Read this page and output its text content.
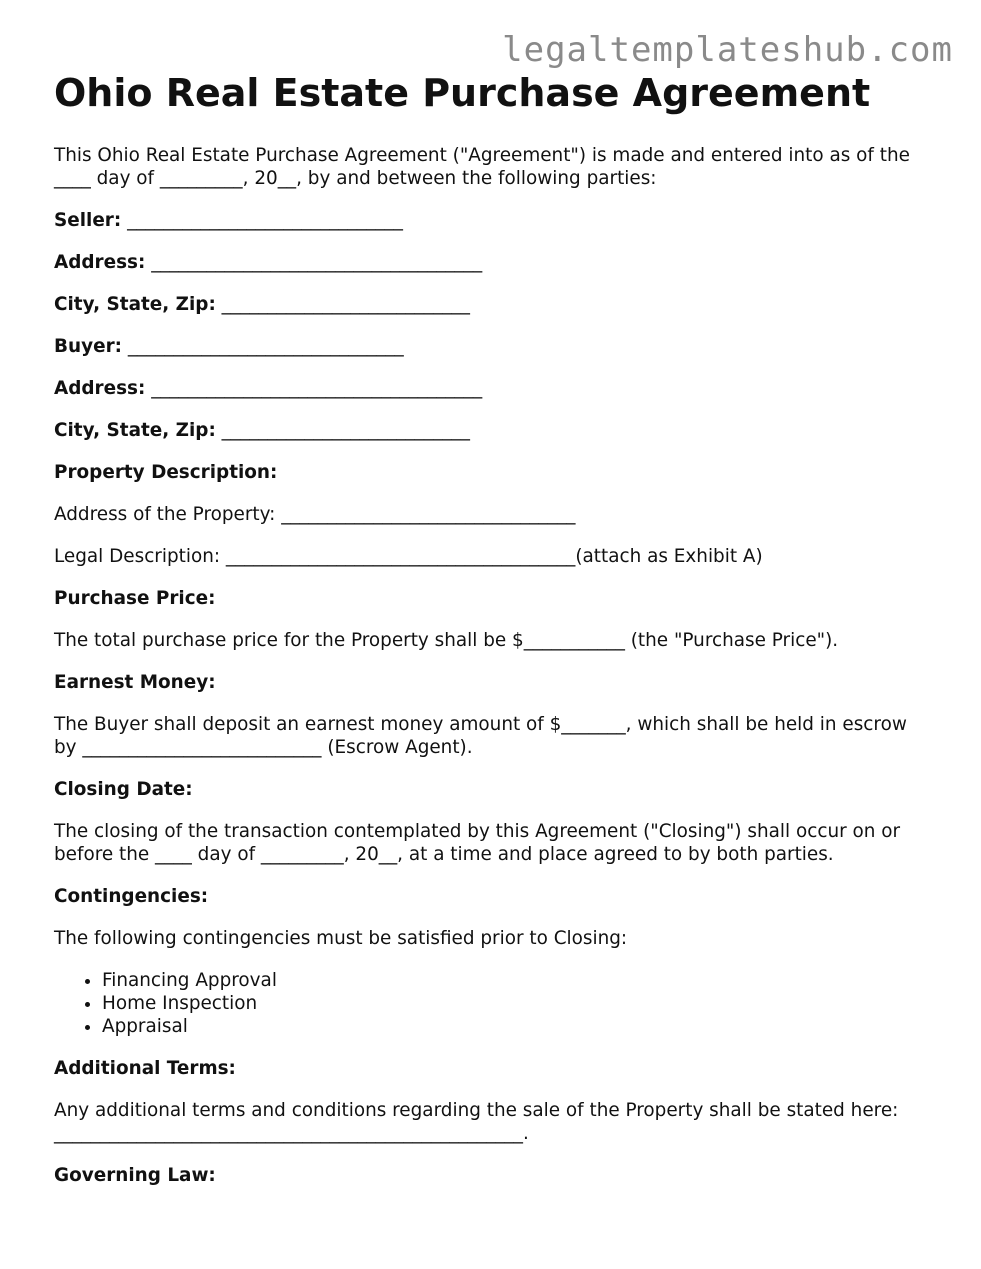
legaltemplateshub.com
Ohio Real Estate Purchase Agreement

This Ohio Real Estate Purchase Agreement ("Agreement") is made and entered into as of the ____ day of _________, 20__, by and between the following parties:

Seller: ______________________________

Address: ____________________________________

City, State, Zip: ___________________________

Buyer: ______________________________

Address: ____________________________________

City, State, Zip: ___________________________

Property Description:

Address of the Property: ________________________________

Legal Description: ______________________________________(attach as Exhibit A)

Purchase Price:

The total purchase price for the Property shall be $___________ (the "Purchase Price").

Earnest Money:

The Buyer shall deposit an earnest money amount of $_______, which shall be held in escrow by __________________________ (Escrow Agent).

Closing Date:

The closing of the transaction contemplated by this Agreement ("Closing") shall occur on or before the ____ day of _________, 20__, at a time and place agreed to by both parties.

Contingencies:

The following contingencies must be satisfied prior to Closing:

• Financing Approval
• Home Inspection
• Appraisal

Additional Terms:

Any additional terms and conditions regarding the sale of the Property shall be stated here: ___________________________________________________.

Governing Law:
